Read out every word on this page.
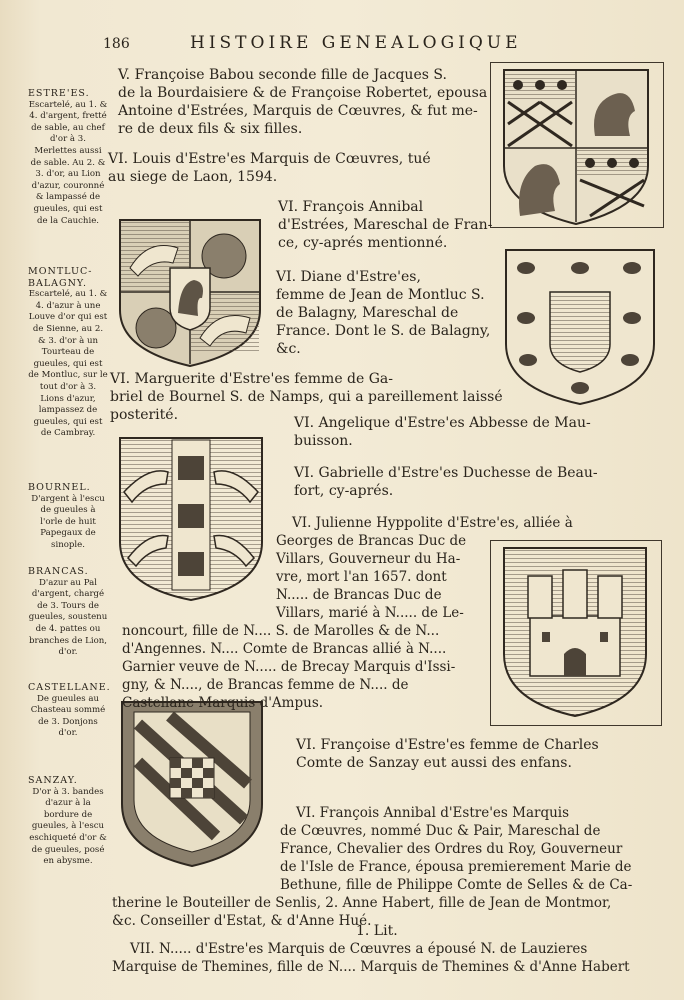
186	HISTOIRE GENEALOGIQUE
ESTRE'ES.
Escartelé, au 1. & 4. d'argent, fretté de sable, au chef d'or à 3. Merlettes aussi de sable. Au 2. & 3. d'or, au Lion d'azur, couronné & lampassé de gueules, qui est de la Cauchie.
MONTLUC-BALAGNY.
Escartelé, au 1. & 4. d'azur à une Louve d'or qui est de Sienne, au 2. & 3. d'or à un Tourteau de gueules, qui est de Montluc, sur le tout d'or à 3. Lions d'azur, lampassez de gueules, qui est de Cambray.
BOURNEL.
D'argent à l'escu de gueules à l'orle de huit Papegaux de sinople.
BRANCAS.
D'azur au Pal d'argent, chargé de 3. Tours de gueules, soustenu de 4. pattes ou branches de Lion, d'or.
CASTELLANE.
De gueules au Chasteau sommé de 3. Donjons d'or.
SANZAY.
D'or à 3. bandes d'azur à la bordure de gueules, à l'escu eschiqueté d'or & de gueules, posé en abysme.
V. Françoise Babou seconde fille de Jacques S.
de la Bourdaisiere & de Françoise Robertet, epousa
Antoine d'Estrées, Marquis de Cœuvres, & fut me-
re de deux fils & six filles.
VI. Louis d'Estre'es Marquis de Cœuvres, tué
au siege de Laon, 1594.
VI. François Annibal
d'Estrées, Mareschal de Fran-
ce, cy-aprés mentionné.
VI. Diane d'Estre'es,
femme de Jean de Montluc S.
de Balagny, Mareschal de
France. Dont le S. de Balagny,
&c.
VI. Marguerite d'Estre'es femme de Ga-
briel de Bournel S. de Namps, qui a pareillement laissé
posterité.	VI. Angelique d'Estre'es Abbesse de Mau-
buisson.
VI. Gabrielle d'Estre'es Duchesse de Beau-
fort, cy-aprés.
VI. Julienne Hyppolite d'Estre'es, alliée à
Georges de Brancas Duc de
Villars, Gouverneur du Ha-
vre, mort l'an 1657. dont
N..... de Brancas Duc de
Villars, marié à N..... de Le-
noncourt, fille de N.... S. de Marolles & de N...
d'Angennes. N.... Comte de Brancas allié à N....
Garnier veuve de N..... de Brecay Marquis d'Issi-
gny, & N...., de Brancas femme de N.... de
Castellane Marquis d'Ampus.
VI. Françoise d'Estre'es femme de Charles
Comte de Sanzay eut aussi des enfans.
VI. François Annibal d'Estre'es Marquis
de Cœuvres, nommé Duc & Pair, Mareschal de
France, Chevalier des Ordres du Roy, Gouverneur
de l'Isle de France, épousa premierement Marie de
Bethune, fille de Philippe Comte de Selles & de Ca-
therine le Bouteiller de Senlis, 2. Anne Habert, fille de Jean de Montmor,
&c. Conseiller d'Estat, & d'Anne Hué.
1. Lit.
VII. N..... d'Estre'es Marquis de Cœuvres a épousé N. de Lauzieres
Marquise de Themines, fille de N.... Marquis de Themines & d'Anne Habert
